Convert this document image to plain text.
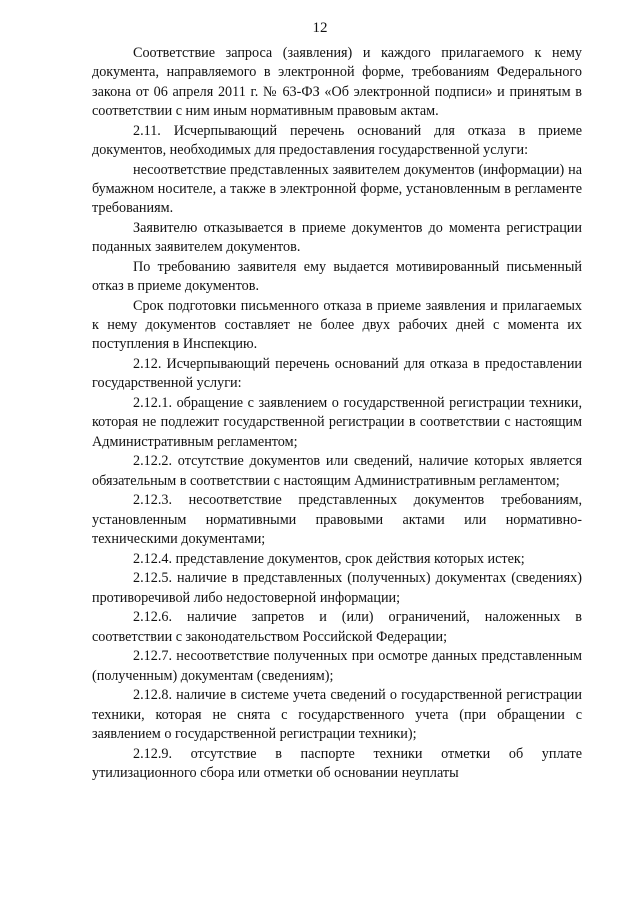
12

Соответствие запроса (заявления) и каждого прилагаемого к нему документа, направляемого в электронной форме, требованиям Федерального закона от 06 апреля 2011 г. № 63-ФЗ «Об электронной подписи» и принятым в соответствии с ним иным нормативным правовым актам.

2.11. Исчерпывающий перечень оснований для отказа в приеме документов, необходимых для предоставления государственной услуги:

несоответствие представленных заявителем документов (информации) на бумажном носителе, а также в электронной форме, установленным в регламенте требованиям.

Заявителю отказывается в приеме документов до момента регистрации поданных заявителем документов.

По требованию заявителя ему выдается мотивированный письменный отказ в приеме документов.

Срок подготовки письменного отказа в приеме заявления и прилагаемых к нему документов составляет не более двух рабочих дней с момента их поступления в Инспекцию.

2.12. Исчерпывающий перечень оснований для отказа в предоставлении государственной услуги:

2.12.1. обращение с заявлением о государственной регистрации техники, которая не подлежит государственной регистрации в соответствии с настоящим Административным регламентом;

2.12.2. отсутствие документов или сведений, наличие которых является обязательным в соответствии с настоящим Административным регламентом;

2.12.3. несоответствие представленных документов требованиям, установленным нормативными правовыми актами или нормативно-техническими документами;

2.12.4. представление документов, срок действия которых истек;

2.12.5. наличие в представленных (полученных) документах (сведениях) противоречивой либо недостоверной информации;

2.12.6. наличие запретов и (или) ограничений, наложенных в соответствии с законодательством Российской Федерации;

2.12.7. несоответствие полученных при осмотре данных представленным (полученным) документам (сведениям);

2.12.8. наличие в системе учета сведений о государственной регистрации техники, которая не снята с государственного учета (при обращении с заявлением о государственной регистрации техники);

2.12.9. отсутствие в паспорте техники отметки об уплате утилизационного сбора или отметки об основании неуплаты
